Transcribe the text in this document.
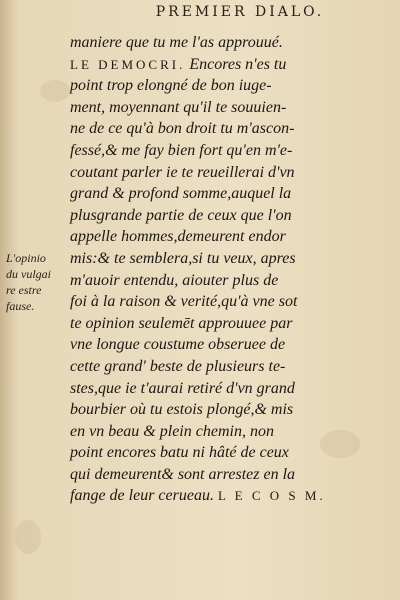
PREMIER DIALO.
L'opinio
du vulgai
re estre
fause.
maniere que tu me l'as approuué.
LE DEMOCRI. Encores n'es tu
point trop elongné de bon iuge-
ment, moyennant qu'il te souuien-
ne de ce qu'à bon droit tu m'ascon-
fessé,& me fay bien fort qu'en m'e-
coutant parler ie te reueillerai d'vn
grand & profond somme,auquel la
plusgrande partie de ceux que l'on
appelle hommes,demeurent endor
mis:& te semblera,si tu veux, apres
m'auoir entendu, aiouter plus de
foi à la raison & verité,qu'à vne sot
te opinion seulemēt approuuee par
vne longue coustume obseruee de
cette grand' beste de plusieurs te-
stes,que ie t'aurai retiré d'vn grand
bourbier où tu estois plongé,& mis
en vn beau & plein chemin, non
point encores batu ni hâté de ceux
qui demeurent& sont arrestez en la
fange de leur cerueau. L E C O S M.
